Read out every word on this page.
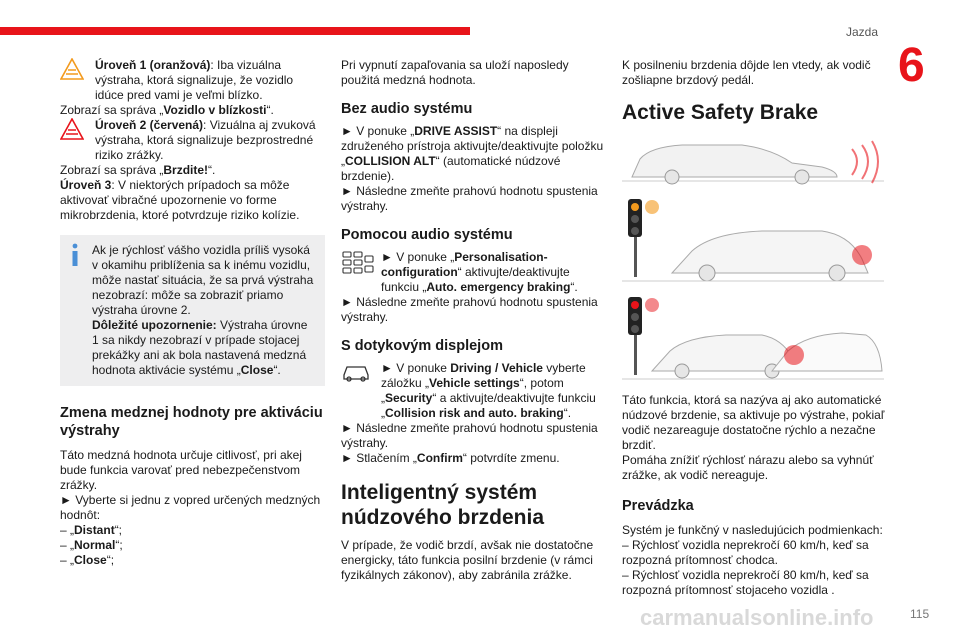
Jazda
6

Úroveň 1 (oranžová): Iba vizuálna výstraha, ktorá signalizuje, že vozidlo idúce pred vami je veľmi blízko.

Zobrazí sa správa „Vozidlo v blízkosti“.

Úroveň 2 (červená): Vizuálna aj zvuková výstraha, ktorá signalizuje bezprostredné riziko zrážky.

Zobrazí sa správa „Brzdite!“.

Úroveň 3: V niektorých prípadoch sa môže aktivovať vibračné upozornenie vo forme mikrobrzdenia, ktoré potvrdzuje riziko kolízie.

Ak je rýchlosť vášho vozidla príliš vysoká v okamihu priblíženia sa k inému vozidlu, môže nastať situácia, že sa prvá výstraha nezobrazí: môže sa zobraziť priamo výstraha úrovne 2.

Dôležité upozornenie: Výstraha úrovne 1 sa nikdy nezobrazí v prípade stojacej prekážky ani ak bola nastavená medzná hodnota aktivácie systému „Close“.

Zmena medznej hodnoty pre aktiváciu výstrahy

Táto medzná hodnota určuje citlivosť, pri akej bude funkcia varovať pred nebezpečenstvom zrážky.

► Vyberte si jednu z vopred určených medzných hodnôt:

– „Distant“;

– „Normal“;

– „Close“;

Pri vypnutí zapaľovania sa uloží naposledy použitá medzná hodnota.

Bez audio systému

► V ponuke „DRIVE ASSIST“ na displeji združeného prístroja aktivujte/deaktivujte položku „COLLISION ALT“ (automatické núdzové brzdenie).

► Následne zmeňte prahovú hodnotu spustenia výstrahy.

Pomocou audio systému

► V ponuke „Personalisation-configuration“ aktivujte/deaktivujte funkciu „Auto. emergency braking“.

► Následne zmeňte prahovú hodnotu spustenia výstrahy.

S dotykovým displejom

► V ponuke Driving / Vehicle vyberte záložku „Vehicle settings“, potom „Security“ a aktivujte/deaktivujte funkciu „Collision risk and auto. braking“.

► Následne zmeňte prahovú hodnotu spustenia výstrahy.

► Stlačením „Confirm“ potvrdíte zmenu.

Inteligentný systém núdzového brzdenia

V prípade, že vodič brzdí, avšak nie dostatočne energicky, táto funkcia posilní brzdenie (v rámci fyzikálnych zákonov), aby zabránila zrážke.

K posilneniu brzdenia dôjde len vtedy, ak vodič zošliapne brzdový pedál.

Active Safety Brake

Táto funkcia, ktorá sa nazýva aj ako automatické núdzové brzdenie, sa aktivuje po výstrahe, pokiaľ vodič nezareaguje dostatočne rýchlo a nezačne brzdiť.

Pomáha znížiť rýchlosť nárazu alebo sa vyhnúť zrážke, ak vodič nereaguje.

Prevádzka

Systém je funkčný v nasledujúcich podmienkach:

– Rýchlosť vozidla neprekročí 60 km/h, keď sa rozpozná prítomnosť chodca.

– Rýchlosť vozidla neprekročí 80 km/h, keď sa rozpozná prítomnosť stojaceho vozidla .

carmanualsonline.info	115
